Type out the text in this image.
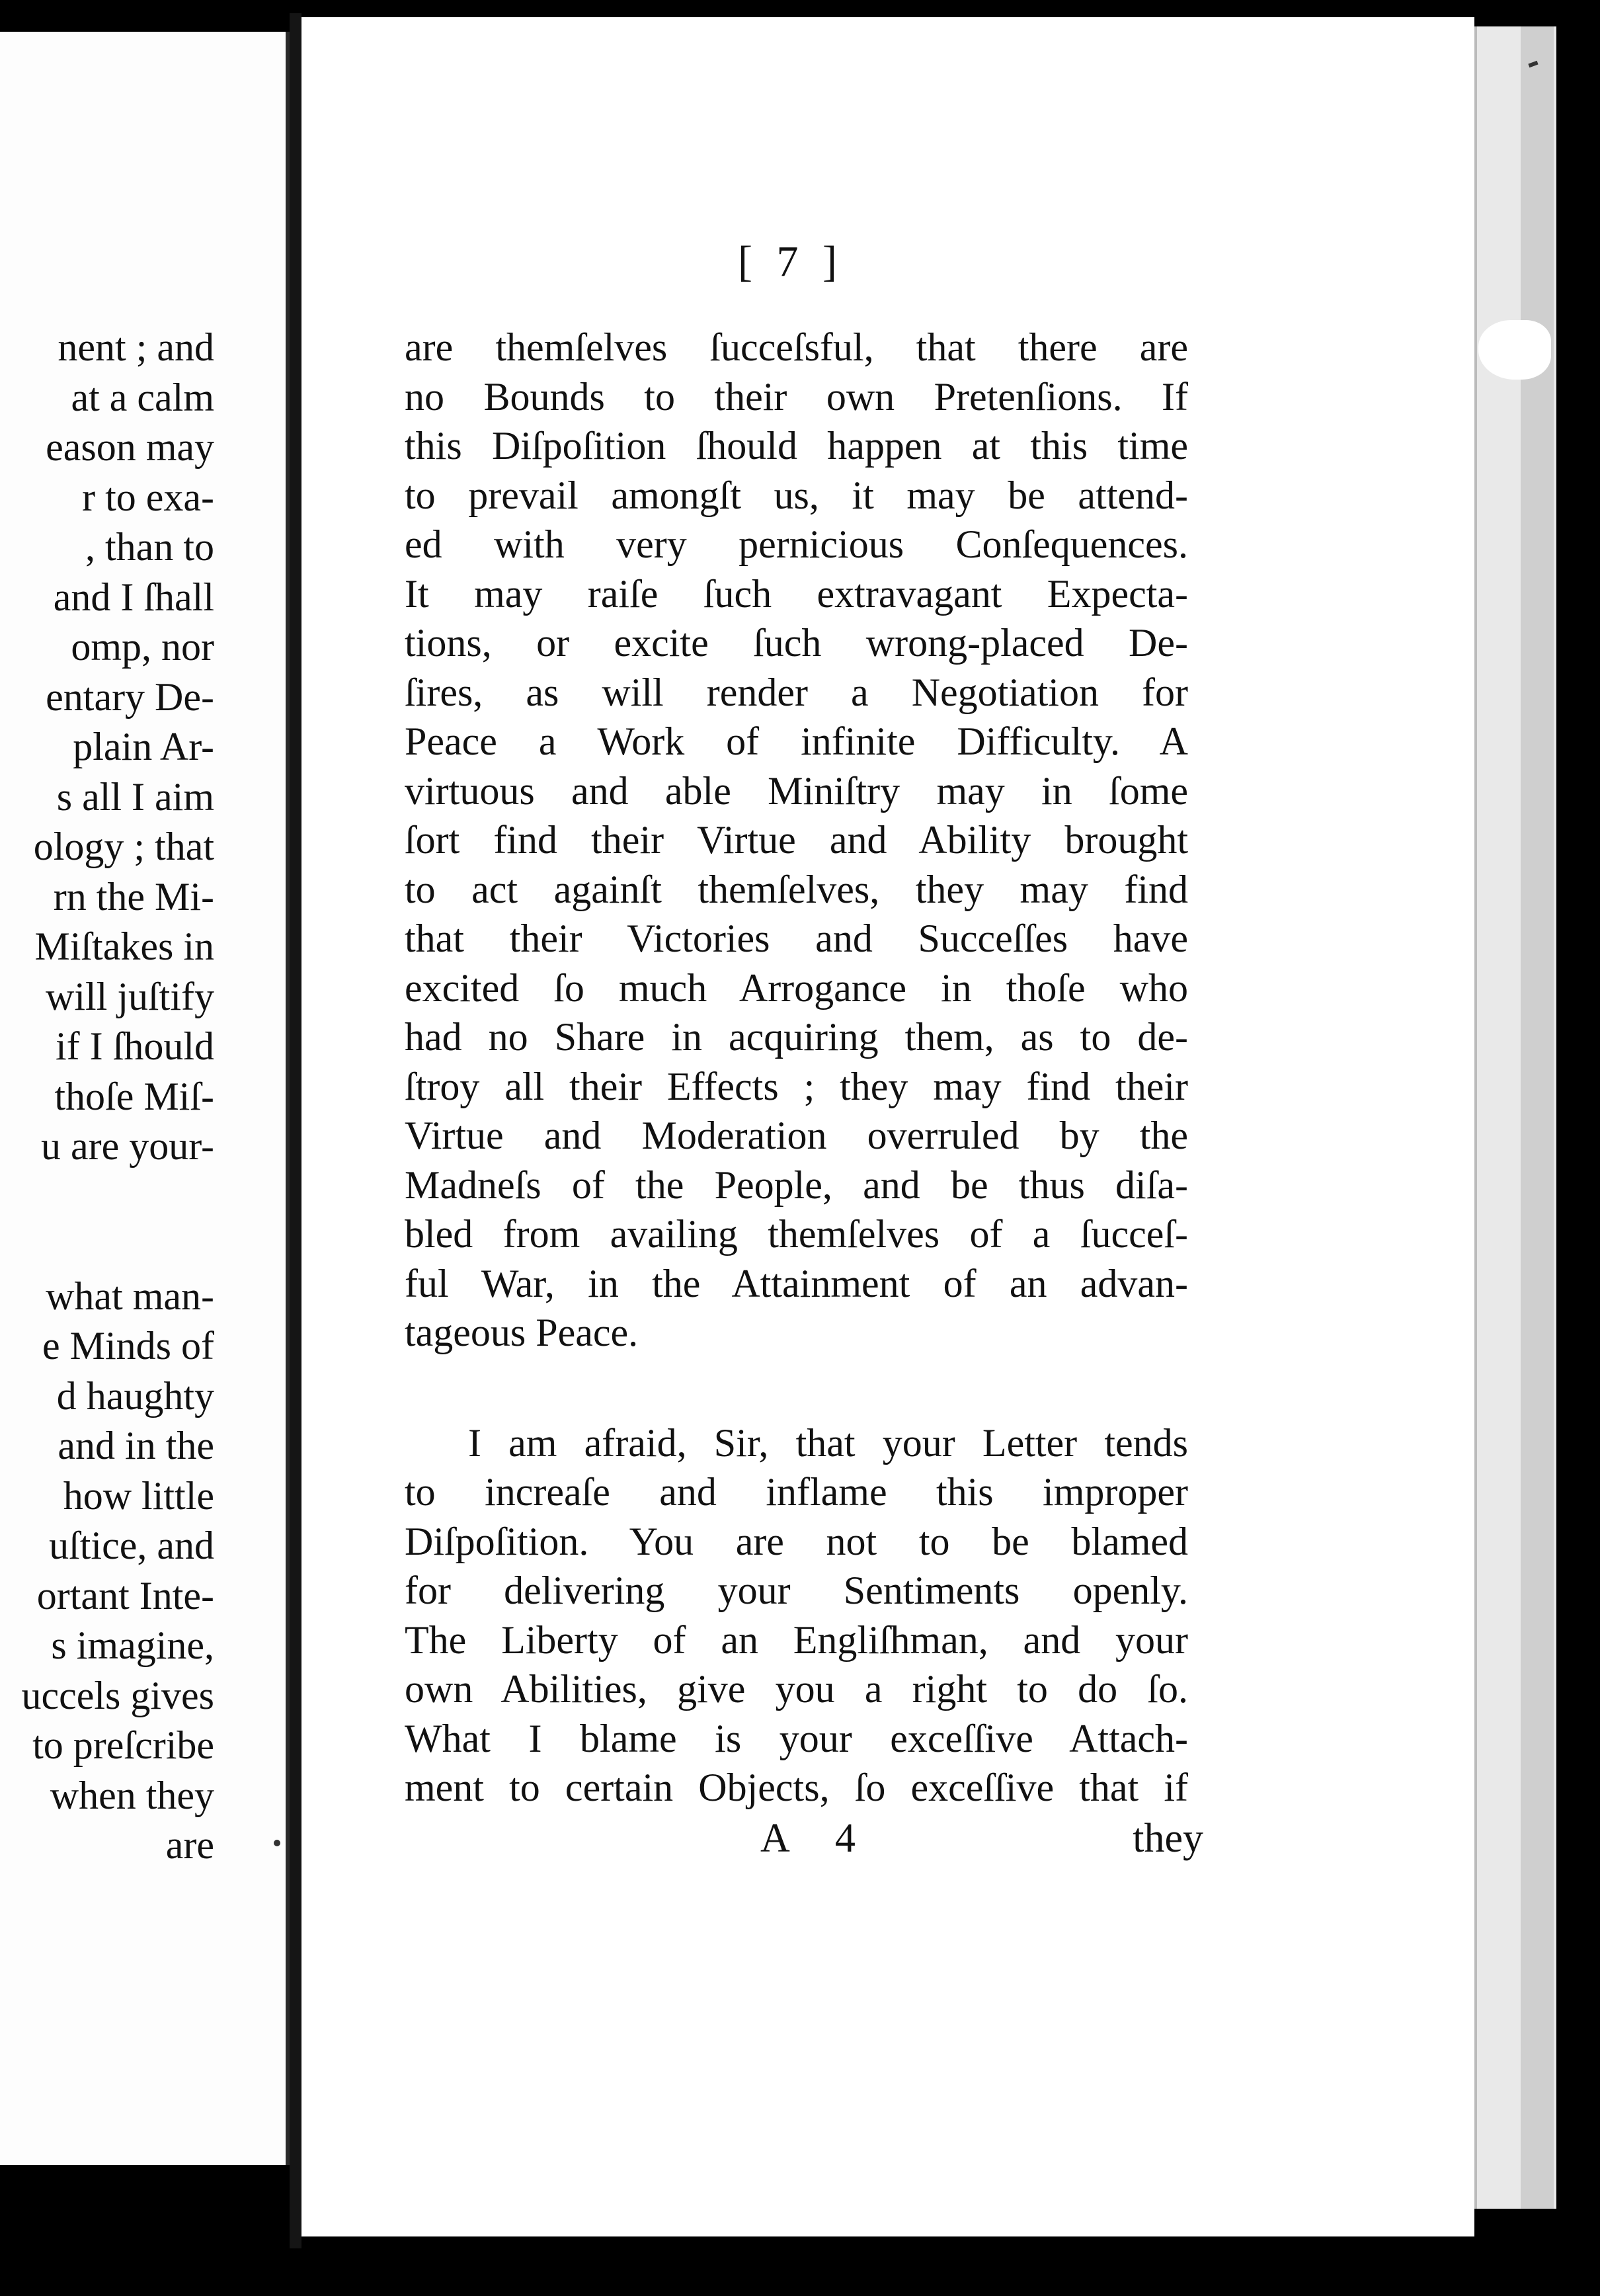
nent ; and
at a calm
eason may
r to exa-
, than to
and I ſhall
omp, nor
entary De-
plain Ar-
s all I aim
ology ; that
rn the Mi-
Miſtakes in
will juſtify
if I ſhould
thoſe Miſ-
u are your-
what man-
e Minds of
d haughty
and in the
how little
uſtice, and
ortant Inte-
s imagine,
uccels gives
to preſcribe
when they
are
[ 7 ]
are themſelves ſucceſsful, that there are
no Bounds to their own Pretenſions. If
this Diſpoſition ſhould happen at this time
to prevail amongſt us, it may be attend-
ed with very pernicious Conſequences.
It may raiſe ſuch extravagant Expecta-
tions, or excite ſuch wrong-placed De-
ſires, as will render a Negotiation for
Peace a Work of infinite Difficulty. A
virtuous and able Miniſtry may in ſome
ſort find their Virtue and Ability brought
to act againſt themſelves, they may find
that their Victories and Succeſſes have
excited ſo much Arrogance in thoſe who
had no Share in acquiring them, as to de-
ſtroy all their Effects ; they may find their
Virtue and Moderation overruled by the
Madneſs of the People, and be thus diſa-
bled from availing themſelves of a ſucceſ-
ful War, in the Attainment of an advan-
tageous Peace.
I am afraid, Sir, that your Letter tends
to increaſe and inflame this improper
Diſpoſition. You are not to be blamed
for delivering your Sentiments openly.
The Liberty of an Engliſhman, and your
own Abilities, give you a right to do ſo.
What I blame is your exceſſive Attach-
ment to certain Objects, ſo exceſſive that if
A 4	they
